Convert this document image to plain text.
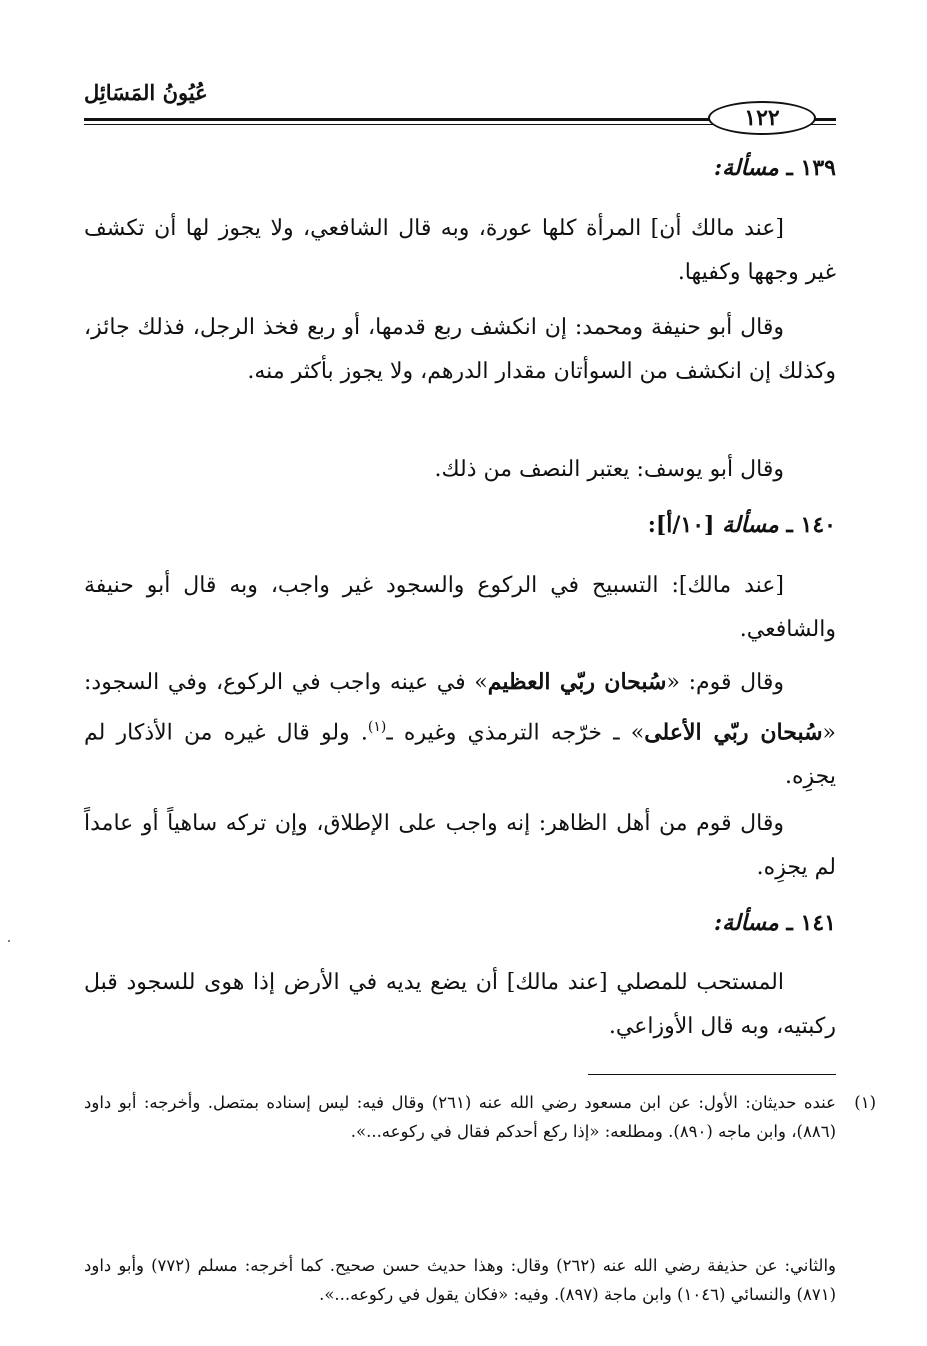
عُيُونُ المَسَائِل
١٢٢
١٣٩ ـ مسألة:

[عند مالك أن] المرأة كلها عورة، وبه قال الشافعي، ولا يجوز لها أن تكشف غير وجهها وكفيها.

وقال أبو حنيفة ومحمد: إن انكشف ربع قدمها، أو ربع فخذ الرجل، فذلك جائز، وكذلك إن انكشف من السوأتان مقدار الدرهم، ولا يجوز بأكثر منه.

وقال أبو يوسف: يعتبر النصف من ذلك.

١٤٠ ـ مسألة [١٠/أ]:

[عند مالك]: التسبيح في الركوع والسجود غير واجب، وبه قال أبو حنيفة والشافعي.

وقال قوم: «سُبحان ربّي العظيم» في عينه واجب في الركوع، وفي السجود: «سُبحان ربّي الأعلى» ـ خرّجه الترمذي وغيره ـ$^{(١)}$. ولو قال غيره من الأذكار لم يجزِه.

وقال قوم من أهل الظاهر: إنه واجب على الإطلاق، وإن تركه ساهياً أو عامداً لم يجزِه.

١٤١ ـ مسألة:

المستحب للمصلي [عند مالك] أن يضع يديه في الأرض إذا هوى للسجود قبل ركبتيه، وبه قال الأوزاعي.

(١)
عنده حديثان: الأول: عن ابن مسعود رضي الله عنه (٢٦١) وقال فيه: ليس إسناده بمتصل. وأخرجه: أبو داود (٨٨٦)، وابن ماجه (٨٩٠). ومطلعه: «إذا ركع أحدكم فقال في ركوعه...».
والثاني: عن حذيفة رضي الله عنه (٢٦٢) وقال: وهذا حديث حسن صحيح. كما أخرجه: مسلم (٧٧٢) وأبو داود (٨٧١) والنسائي (١٠٤٦) وابن ماجة (٨٩٧). وفيه: «فكان يقول في ركوعه...».
